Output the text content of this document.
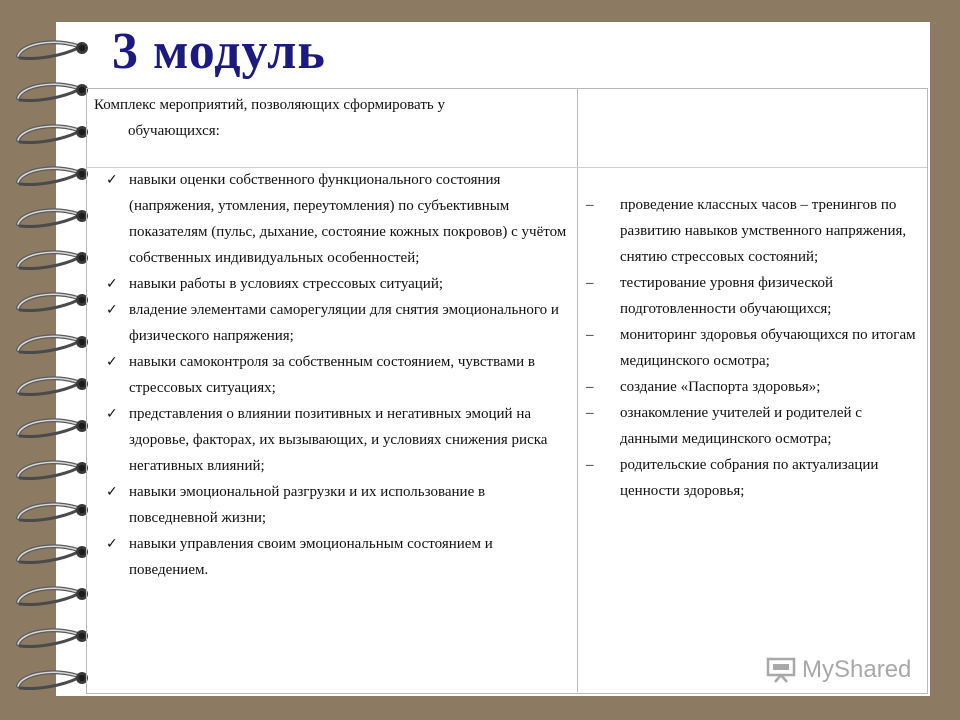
3 модуль
Комплекс мероприятий, позволяющих сформировать у
обучающихся:
✓ навыки оценки собственного функционального состояния (напряжения, утомления, переутомления) по субъективным показателям (пульс, дыхание, состояние кожных покровов) с учётом собственных индивидуальных особенностей;
✓ навыки работы в условиях стрессовых ситуаций;
✓ владение элементами саморегуляции для снятия эмоционального и физического напряжения;
✓ навыки самоконтроля за собственным состоянием, чувствами в стрессовых ситуациях;
✓ представления о влиянии позитивных и негативных эмоций на здоровье, факторах, их вызывающих, и условиях снижения риска негативных влияний;
✓ навыки эмоциональной разгрузки и их использование в повседневной жизни;
✓ навыки управления своим эмоциональным состоянием и поведением.
– проведение классных часов – тренингов по развитию навыков умственного напряжения, снятию стрессовых состояний;
– тестирование уровня физической подготовленности обучающихся;
– мониторинг здоровья обучающихся по итогам медицинского осмотра;
– создание «Паспорта здоровья»;
– ознакомление учителей и родителей с данными медицинского осмотра;
– родительские собрания по актуализации ценности здоровья;
MyShared
